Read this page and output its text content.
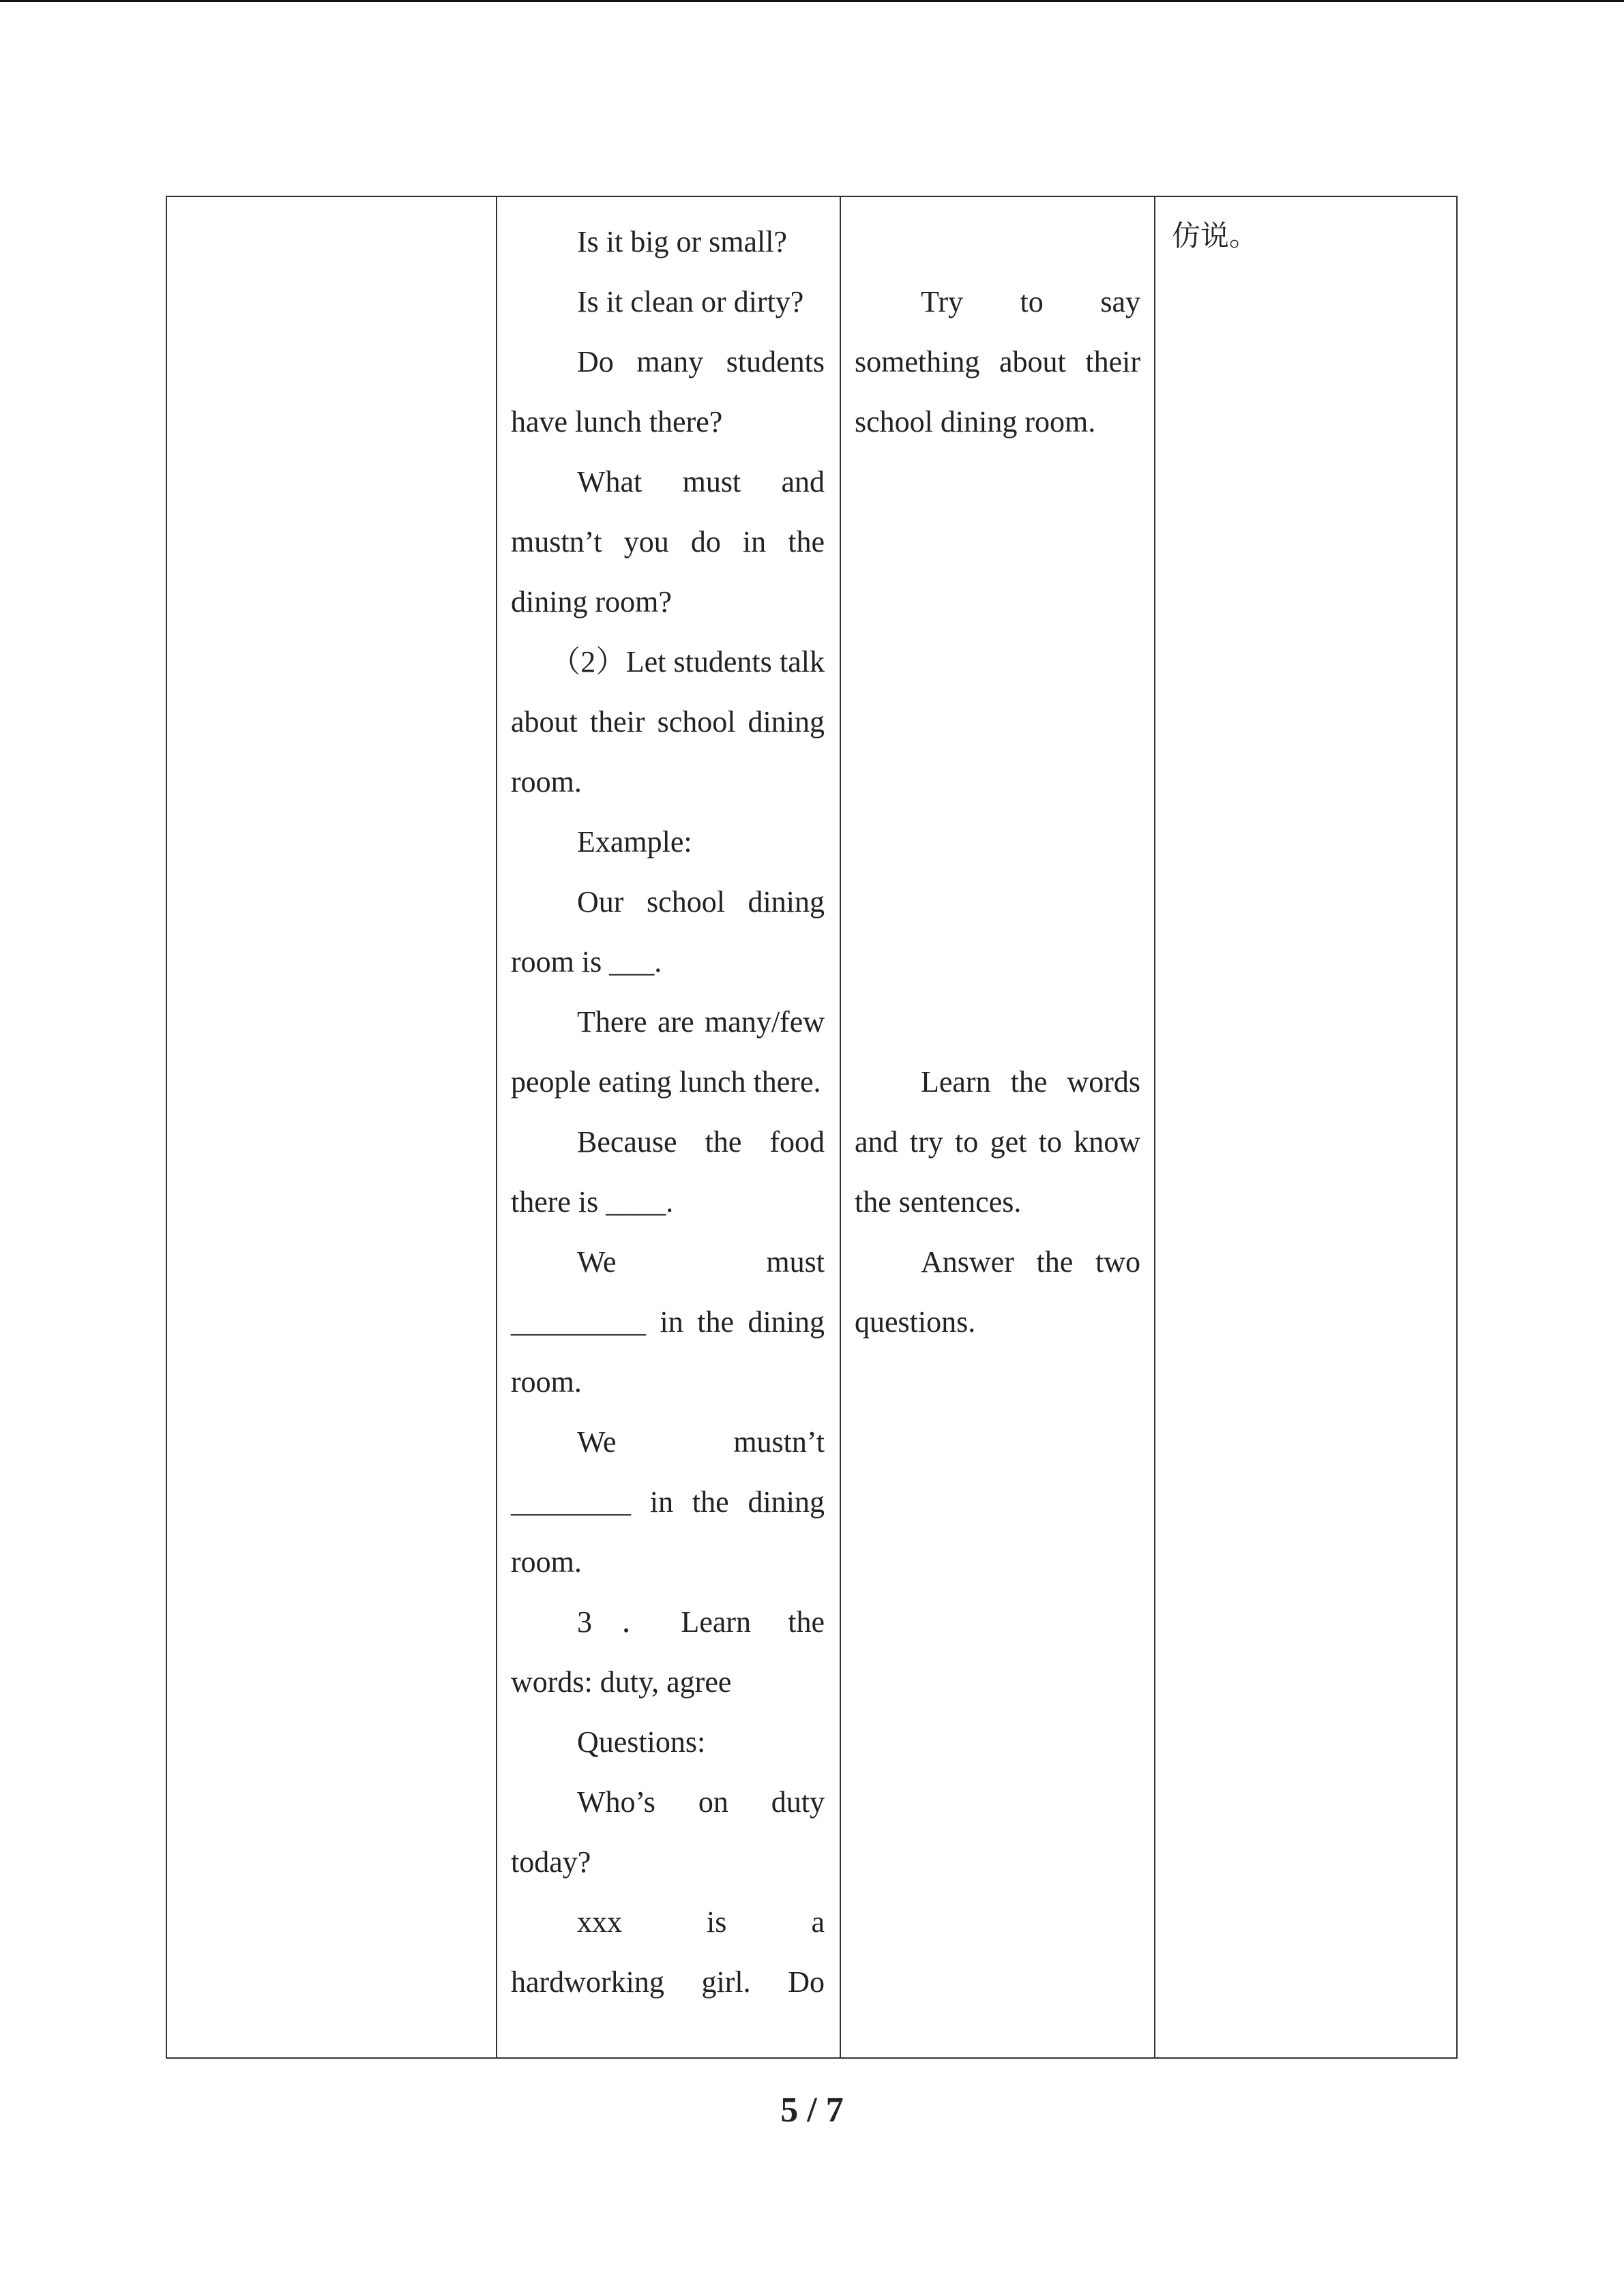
Is it big or small?

Is it clean or dirty?

Do many students have lunch there?

What must and mustn’t you do in the dining room?

（2）Let students talk about their school dining room.

Example:

Our school dining room is ___.

There are many/few people eating lunch there.

Because the food there is ____.

We must _________ in the dining room.

We mustn’t ________ in the dining room.

3．Learn the words: duty, agree

Questions:

Who’s on duty today?

xxx is a hardworking girl. Do

Try to say something about their school dining room.

Learn the words and try to get to know the sentences.

Answer the two questions.

仿说。

5 / 7
